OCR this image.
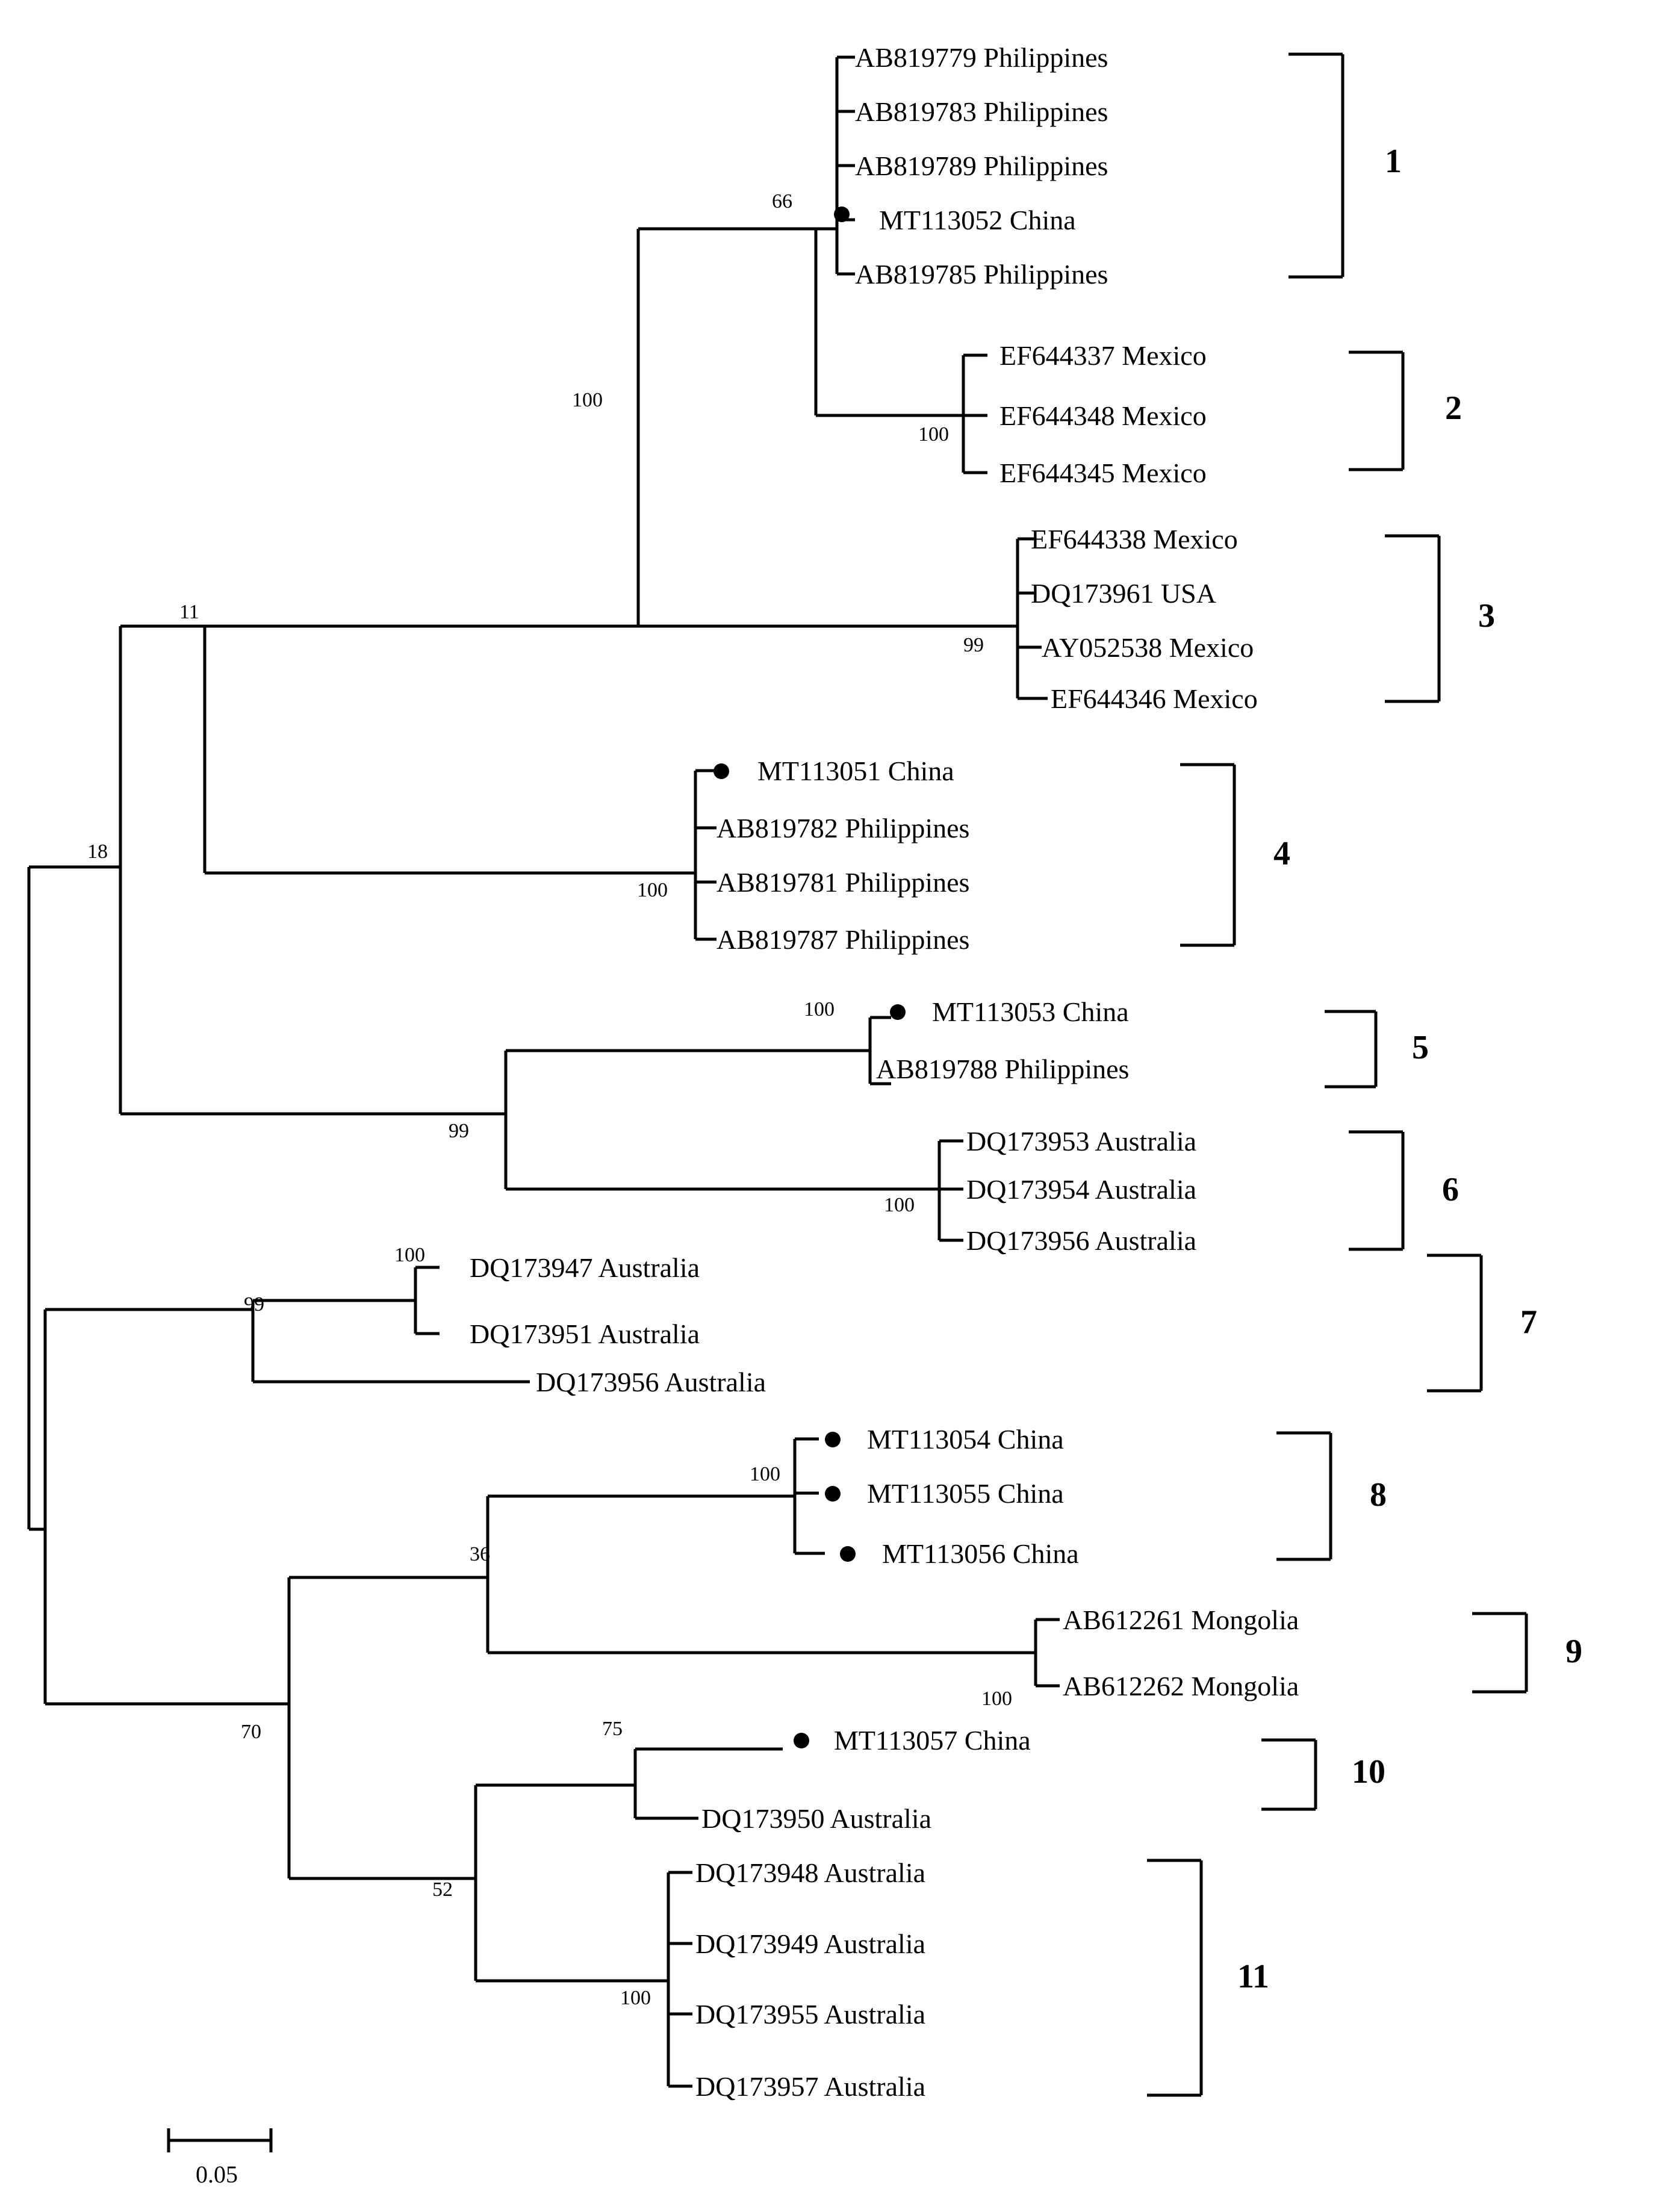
AB819779 Philippines
AB819783 Philippines
AB819789 Philippines
MT113052 China
AB819785 Philippines
EF644337 Mexico
EF644348 Mexico
EF644345 Mexico
EF644338 Mexico
DQ173961 USA
AY052538 Mexico
EF644346 Mexico
MT113051 China
AB819782 Philippines
AB819781 Philippines
AB819787 Philippines
MT113053 China
AB819788 Philippines
DQ173953 Australia
DQ173954 Australia
DQ173956 Australia
DQ173947 Australia
DQ173951 Australia
DQ173956 Australia
MT113054 China
MT113055 China
MT113056 China
AB612261 Mongolia
AB612262 Mongolia
MT113057 China
DQ173950 Australia
DQ173948 Australia
DQ173949 Australia
DQ173955 Australia
DQ173957 Australia
66
100
100
99
11
18
100
100
99
100
100
99
100
36
100
70	75
52
100
1
2
3
4
5
6
7
8
9
10
11
0.05
